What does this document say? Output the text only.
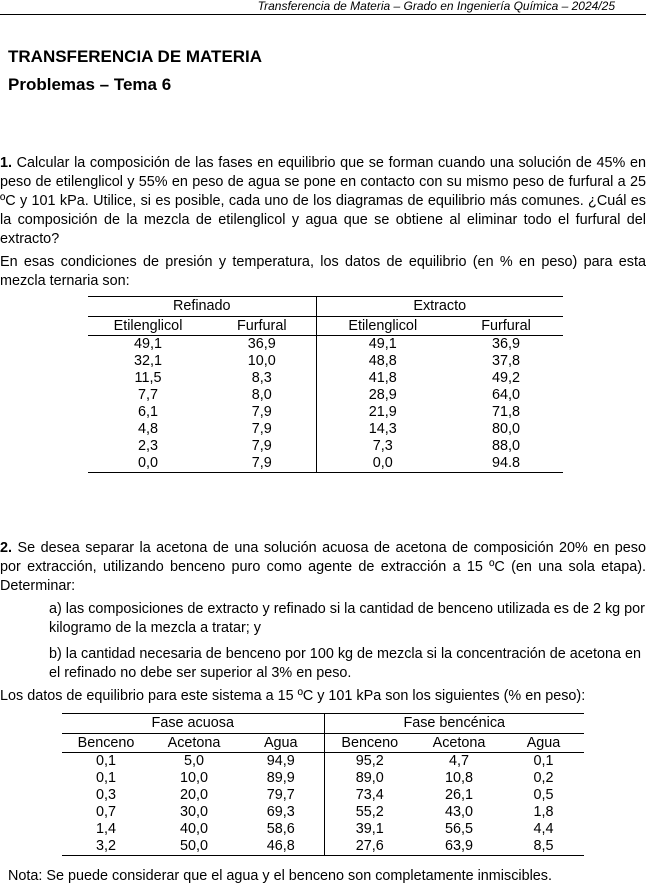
Transferencia de Materia – Grado en Ingeniería Química – 2024/25
TRANSFERENCIA DE MATERIA
Problemas – Tema 6

1. Calcular la composición de las fases en equilibrio que se forman cuando una solución de 45% en peso de etilenglicol y 55% en peso de agua se pone en contacto con su mismo peso de furfural a 25 ºC y 101 kPa. Utilice, si es posible, cada uno de los diagramas de equilibrio más comunes. ¿Cuál es la composición de la mezcla de etilenglicol y agua que se obtiene al eliminar todo el furfural del extracto?

En esas condiciones de presión y temperatura, los datos de equilibrio (en % en peso) para esta mezcla ternaria son:

Refinado		Extracto	
Etilenglicol	Furfural	Etilenglicol	Furfural
49,1	36,9	49,1	36,9
32,1	10,0	48,8	37,8
11,5	8,3	41,8	49,2
7,7	8,0	28,9	64,0
6,1	7,9	21,9	71,8
4,8	7,9	14,3	80,0
2,3	7,9	7,3	88,0
0,0	7,9	0,0	94.8

2. Se desea separar la acetona de una solución acuosa de acetona de composición 20% en peso por extracción, utilizando benceno puro como agente de extracción a 15 ºC (en una sola etapa). Determinar:

a) las composiciones de extracto y refinado si la cantidad de benceno utilizada es de 2 kg por kilogramo de la mezcla a tratar; y

b) la cantidad necesaria de benceno por 100 kg de mezcla si la concentración de acetona en el refinado no debe ser superior al 3% en peso.

Los datos de equilibrio para este sistema a 15 ºC y 101 kPa son los siguientes (% en peso):

Fase acuosa			Fase bencénica		
Benceno	Acetona	Agua	Benceno	Acetona	Agua
0,1	5,0	94,9	95,2	4,7	0,1
0,1	10,0	89,9	89,0	10,8	0,2
0,3	20,0	79,7	73,4	26,1	0,5
0,7	30,0	69,3	55,2	43,0	1,8
1,4	40,0	58,6	39,1	56,5	4,4
3,2	50,0	46,8	27,6	63,9	8,5
Nota: Se puede considerar que el agua y el benceno son completamente inmiscibles.
